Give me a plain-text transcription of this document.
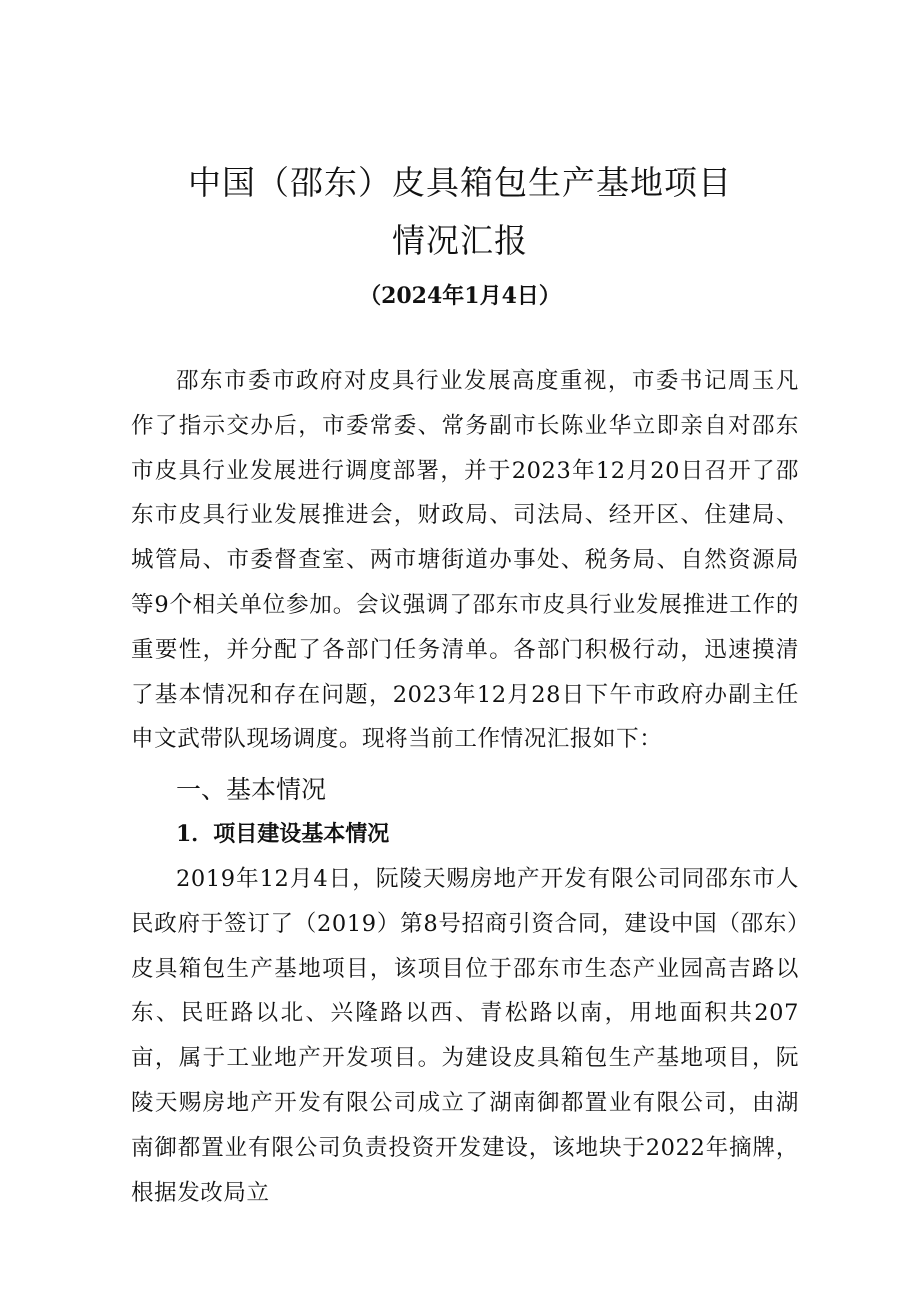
中国（邵东）皮具箱包生产基地项目
情况汇报

（2024年1月4日）

邵东市委市政府对皮具行业发展高度重视，市委书记周玉凡作了指示交办后，市委常委、常务副市长陈业华立即亲自对邵东市皮具行业发展进行调度部署，并于2023年12月20日召开了邵东市皮具行业发展推进会，财政局、司法局、经开区、住建局、城管局、市委督查室、两市塘街道办事处、税务局、自然资源局等9个相关单位参加。会议强调了邵东市皮具行业发展推进工作的重要性，并分配了各部门任务清单。各部门积极行动，迅速摸清了基本情况和存在问题，2023年12月28日下午市政府办副主任申文武带队现场调度。现将当前工作情况汇报如下：

一、基本情况
1．项目建设基本情况

2019年12月4日，阮陵天赐房地产开发有限公司同邵东市人民政府于签订了（2019）第8号招商引资合同，建设中国（邵东）皮具箱包生产基地项目，该项目位于邵东市生态产业园高吉路以东、民旺路以北、兴隆路以西、青松路以南，用地面积共207亩，属于工业地产开发项目。为建设皮具箱包生产基地项目，阮陵天赐房地产开发有限公司成立了湖南御都置业有限公司，由湖南御都置业有限公司负责投资开发建设，该地块于2022年摘牌，根据发改局立
